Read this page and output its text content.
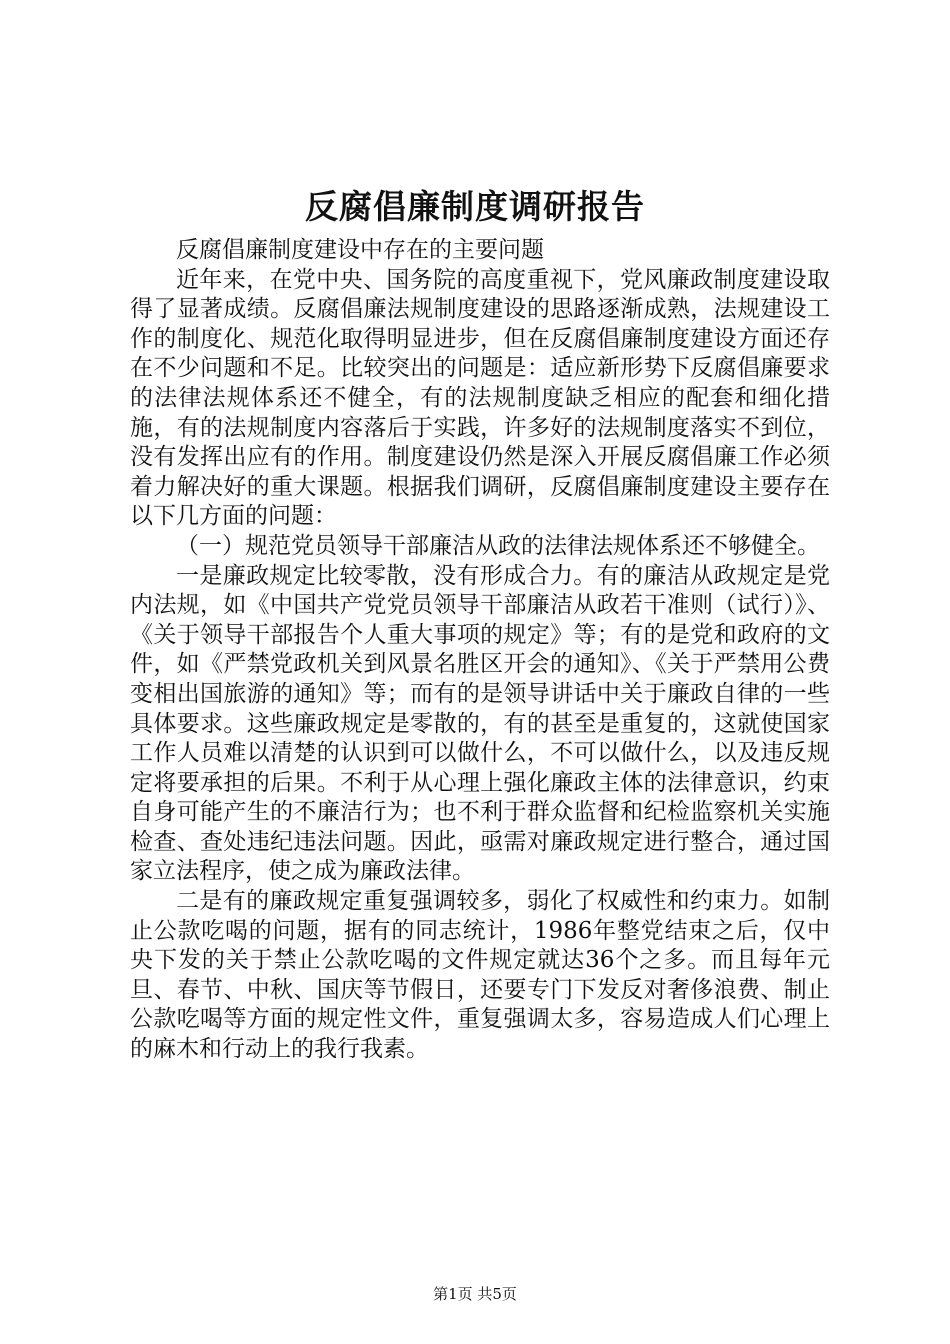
反腐倡廉制度调研报告

反腐倡廉制度建设中存在的主要问题

近年来，在党中央、国务院的高度重视下，党风廉政制度建设取得了显著成绩。反腐倡廉法规制度建设的思路逐渐成熟，法规建设工作的制度化、规范化取得明显进步，但在反腐倡廉制度建设方面还存在不少问题和不足。比较突出的问题是：适应新形势下反腐倡廉要求的法律法规体系还不健全，有的法规制度缺乏相应的配套和细化措施，有的法规制度内容落后于实践，许多好的法规制度落实不到位，没有发挥出应有的作用。制度建设仍然是深入开展反腐倡廉工作必须着力解决好的重大课题。根据我们调研，反腐倡廉制度建设主要存在以下几方面的问题：

（一）规范党员领导干部廉洁从政的法律法规体系还不够健全。

一是廉政规定比较零散，没有形成合力。有的廉洁从政规定是党内法规，如《中国共产党党员领导干部廉洁从政若干准则（试行）》、《关于领导干部报告个人重大事项的规定》等；有的是党和政府的文件，如《严禁党政机关到风景名胜区开会的通知》、《关于严禁用公费变相出国旅游的通知》等；而有的是领导讲话中关于廉政自律的一些具体要求。这些廉政规定是零散的，有的甚至是重复的，这就使国家工作人员难以清楚的认识到可以做什么，不可以做什么，以及违反规定将要承担的后果。不利于从心理上强化廉政主体的法律意识，约束自身可能产生的不廉洁行为；也不利于群众监督和纪检监察机关实施检查、查处违纪违法问题。因此，亟需对廉政规定进行整合，通过国家立法程序，使之成为廉政法律。

二是有的廉政规定重复强调较多，弱化了权威性和约束力。如制止公款吃喝的问题，据有的同志统计，1986年整党结束之后，仅中央下发的关于禁止公款吃喝的文件规定就达36个之多。而且每年元旦、春节、中秋、国庆等节假日，还要专门下发反对奢侈浪费、制止公款吃喝等方面的规定性文件，重复强调太多，容易造成人们心理上的麻木和行动上的我行我素。

第1页 共5页
